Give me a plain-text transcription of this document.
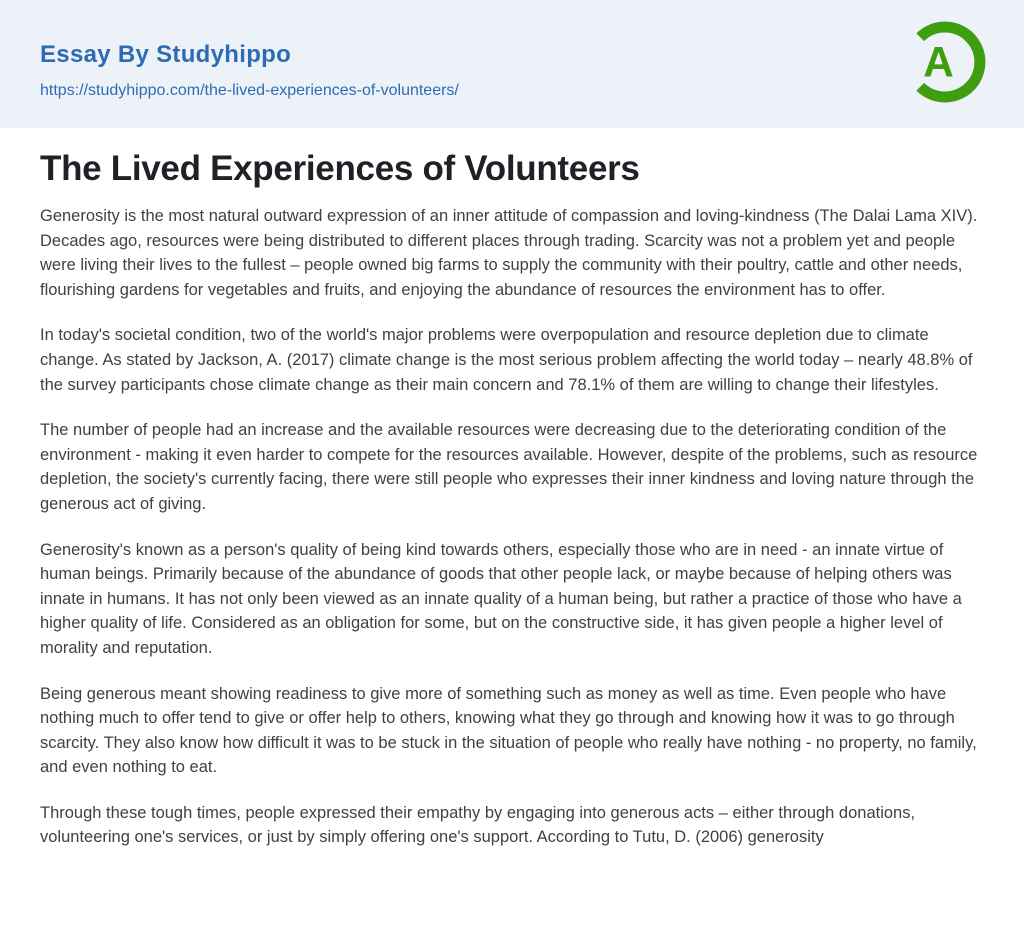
Essay By Studyhippo
https://studyhippo.com/the-lived-experiences-of-volunteers/
A
The Lived Experiences of Volunteers

Generosity is the most natural outward expression of an inner attitude of compassion and loving-kindness (The Dalai Lama XIV). Decades ago, resources were being distributed to different places through trading. Scarcity was not a problem yet and people were living their lives to the fullest – people owned big farms to supply the community with their poultry, cattle and other needs, flourishing gardens for vegetables and fruits, and enjoying the abundance of resources the environment has to offer.

In today's societal condition, two of the world's major problems were overpopulation and resource depletion due to climate change. As stated by Jackson, A. (2017) climate change is the most serious problem affecting the world today – nearly 48.8% of the survey participants chose climate change as their main concern and 78.1% of them are willing to change their lifestyles.

The number of people had an increase and the available resources were decreasing due to the deteriorating condition of the environment - making it even harder to compete for the resources available. However, despite of the problems, such as resource depletion, the society's currently facing, there were still people who expresses their inner kindness and loving nature through the generous act of giving.

Generosity's known as a person's quality of being kind towards others, especially those who are in need - an innate virtue of human beings. Primarily because of the abundance of goods that other people lack, or maybe because of helping others was innate in humans. It has not only been viewed as an innate quality of a human being, but rather a practice of those who have a higher quality of life. Considered as an obligation for some, but on the constructive side, it has given people a higher level of morality and reputation.

Being generous meant showing readiness to give more of something such as money as well as time. Even people who have nothing much to offer tend to give or offer help to others, knowing what they go through and knowing how it was to go through scarcity. They also know how difficult it was to be stuck in the situation of people who really have nothing - no property, no family, and even nothing to eat.

Through these tough times, people expressed their empathy by engaging into generous acts – either through donations, volunteering one's services, or just by simply offering one's support. According to Tutu, D. (2006) generosity
